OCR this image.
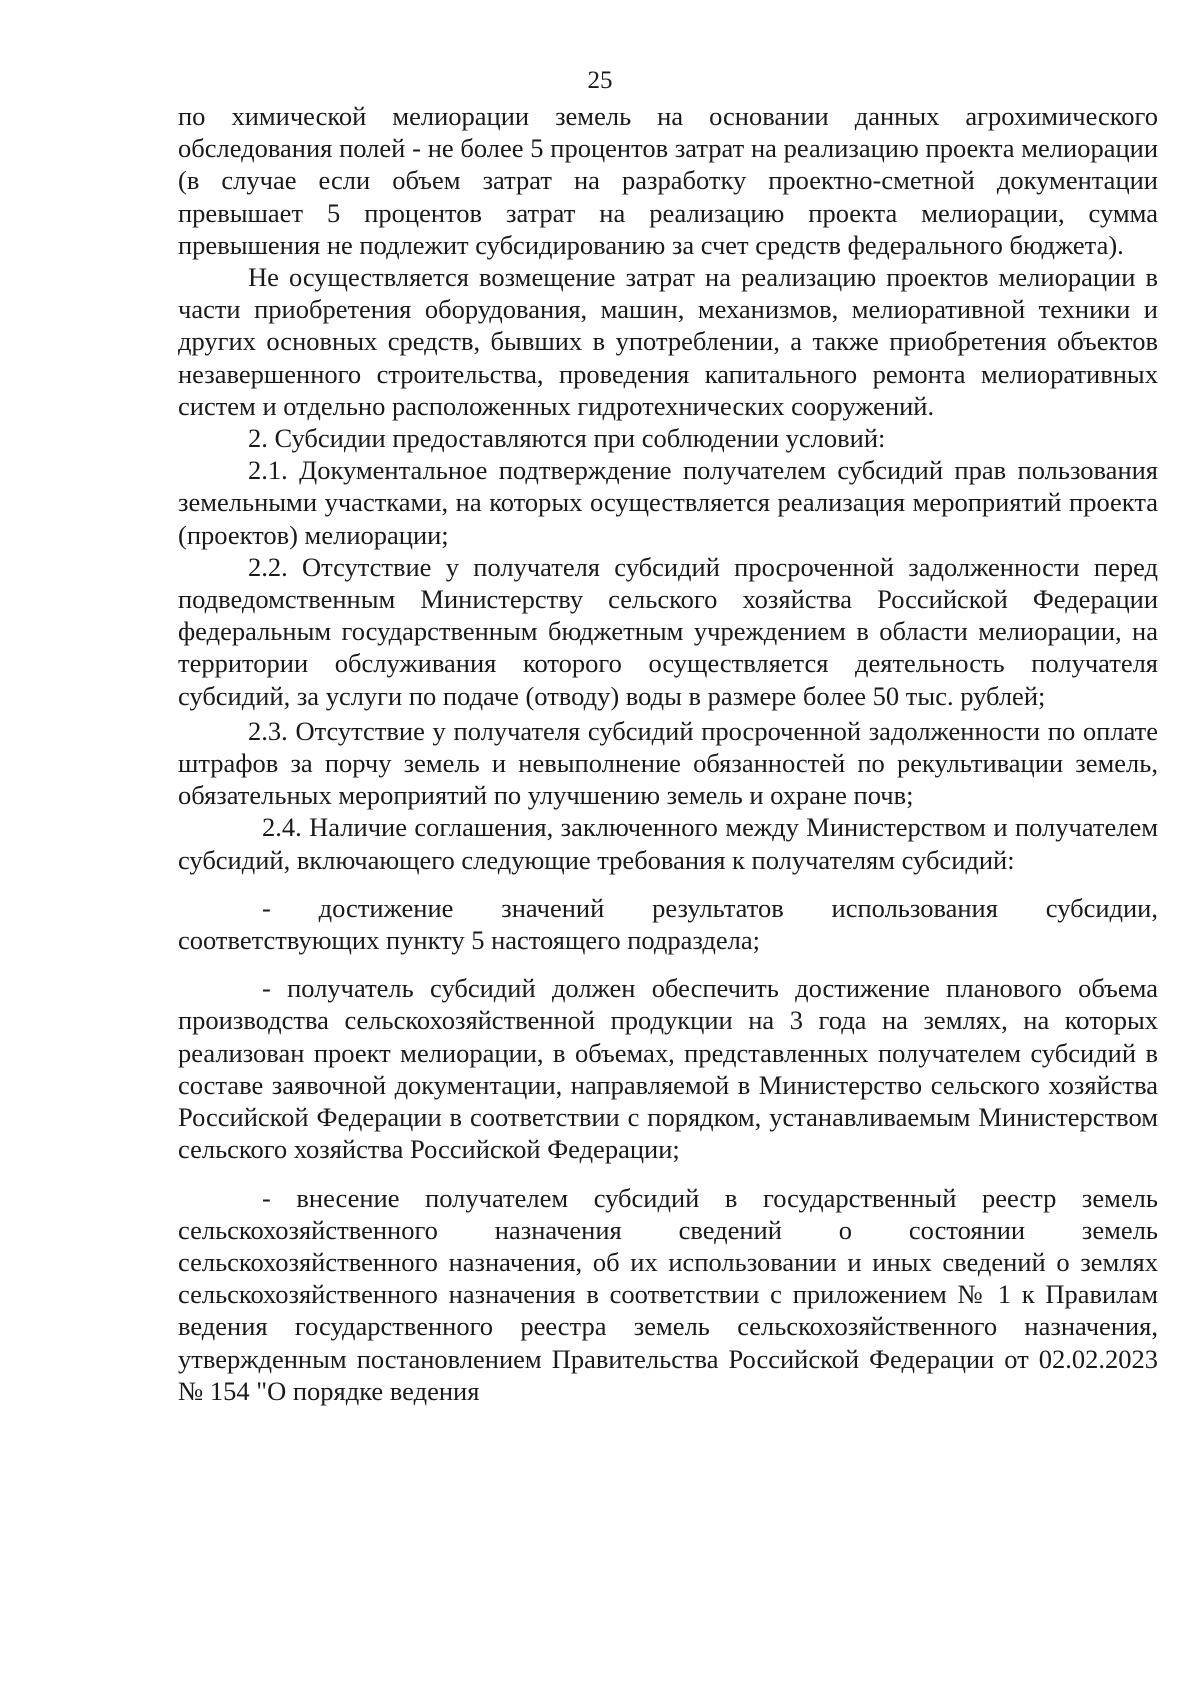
25

по химической мелиорации земель на основании данных агрохимического обследования полей - не более 5 процентов затрат на реализацию проекта мелиорации (в случае если объем затрат на разработку проектно-сметной документации превышает 5 процентов затрат на реализацию проекта мелиорации, сумма превышения не подлежит субсидированию за счет средств федерального бюджета).

Не осуществляется возмещение затрат на реализацию проектов мелиорации в части приобретения оборудования, машин, механизмов, мелиоративной техники и других основных средств, бывших в употреблении, а также приобретения объектов незавершенного строительства, проведения капитального ремонта мелиоративных систем и отдельно расположенных гидротехнических сооружений.

2. Субсидии предоставляются при соблюдении условий:

2.1. Документальное подтверждение получателем субсидий прав пользования земельными участками, на которых осуществляется реализация мероприятий проекта (проектов) мелиорации;

2.2. Отсутствие у получателя субсидий просроченной задолженности перед подведомственным Министерству сельского хозяйства Российской Федерации федеральным государственным бюджетным учреждением в области мелиорации, на территории обслуживания которого осуществляется деятельность получателя субсидий, за услуги по подаче (отводу) воды в размере более 50 тыс. рублей;

2.3. Отсутствие у получателя субсидий просроченной задолженности по оплате штрафов за порчу земель и невыполнение обязанностей по рекультивации земель, обязательных мероприятий по улучшению земель и охране почв;

2.4. Наличие соглашения, заключенного между Министерством и получателем субсидий, включающего следующие требования к получателям субсидий:

- достижение значений результатов использования субсидии, соответствующих пункту 5 настоящего подраздела;

- получатель субсидий должен обеспечить достижение планового объема производства сельскохозяйственной продукции на 3 года на землях, на которых реализован проект мелиорации, в объемах, представленных получателем субсидий в составе заявочной документации, направляемой в Министерство сельского хозяйства Российской Федерации в соответствии с порядком, устанавливаемым Министерством сельского хозяйства Российской Федерации;

- внесение получателем субсидий в государственный реестр земель сельскохозяйственного назначения сведений о состоянии земель сельскохозяйственного назначения, об их использовании и иных сведений о землях сельскохозяйственного назначения в соответствии с приложением № 1 к Правилам ведения государственного реестра земель сельскохозяйственного назначения, утвержденным постановлением Правительства Российской Федерации от 02.02.2023 № 154 "О порядке ведения
